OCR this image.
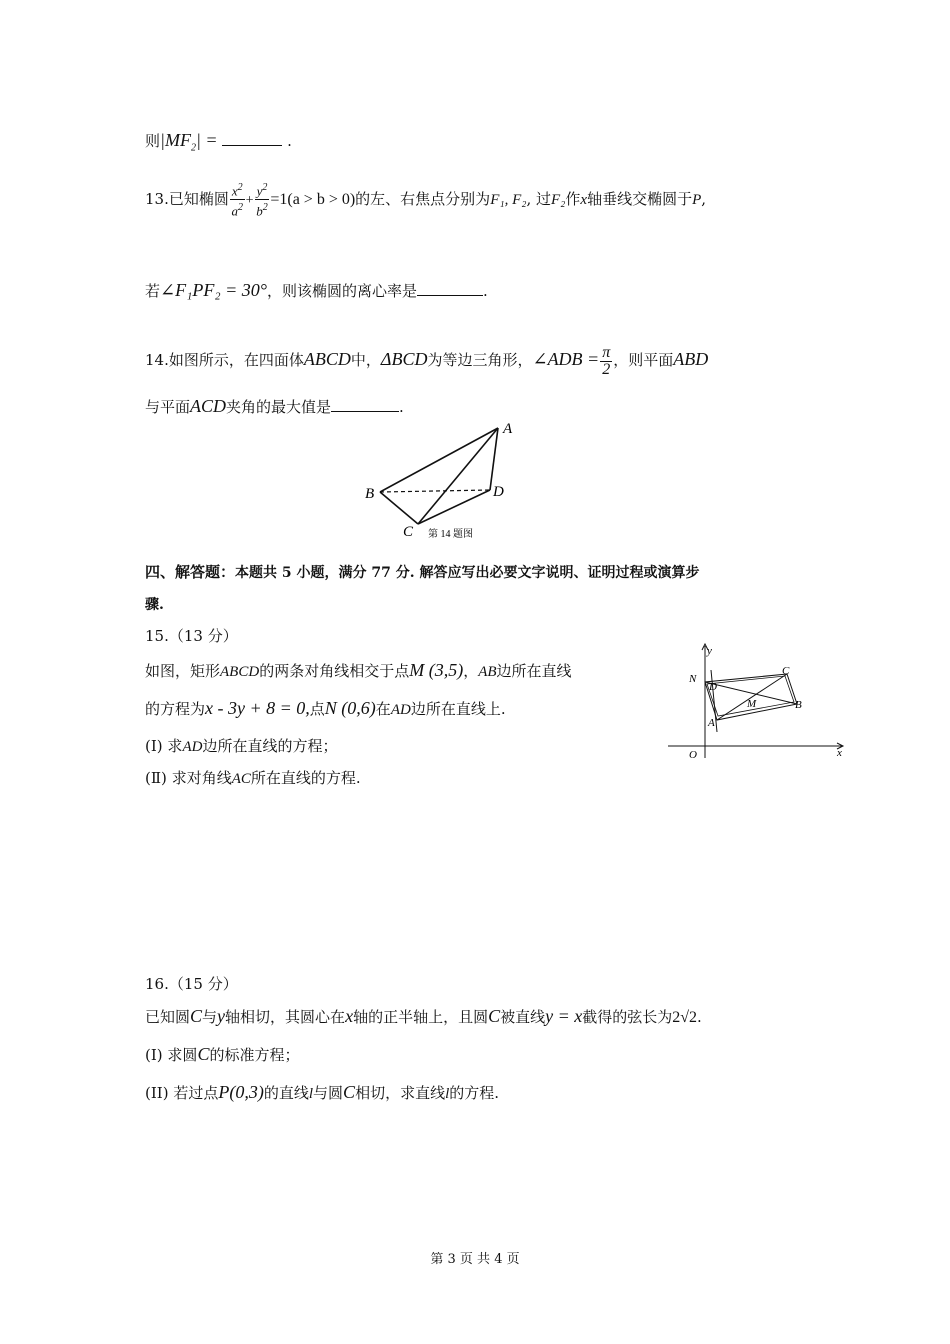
则$|MF_2|$ =	.
13.已知椭圆 $\frac{x^2}{a^2} + \frac{y^2}{b^2} =1(a > b > 0)$的左、右焦点分别为F₁, F₂, 过F₂作x轴垂线交椭圆于P,
若∠F₁PF₂ = 30°，则该椭圆的离心率是	.
14.如图所示，在四面体ABCD中，ΔBCD为等边三角形，∠ADB = $\frac{\pi}{2}$ ，则平面ABD
与平面ACD夹角的最大值是	.
A
B
C
D
第 14 题图
四、解答题：本题共 5 小题，满分 77 分. 解答应写出必要文字说明、证明过程或演算步
骤.
15.（13 分）
如图，矩形ABCD的两条对角线相交于点M (3,5)，AB边所在直线
的方程为x - 3y + 8 = 0,点N (0,6)在AD边所在直线上.
(Ⅰ) 求AD边所在直线的方程；
(Ⅱ) 求对角线AC所在直线的方程.
y
x
O
N
D
C
M	B
A
16.（15 分）
已知圆C与y轴相切，其圆心在x轴的正半轴上，且圆C被直线y = x截得的弦长为2√2.
(I) 求圆C的标准方程；
(II) 若过点P(0,3)的直线l与圆C相切，求直线l的方程.
第 3 页 共 4 页
